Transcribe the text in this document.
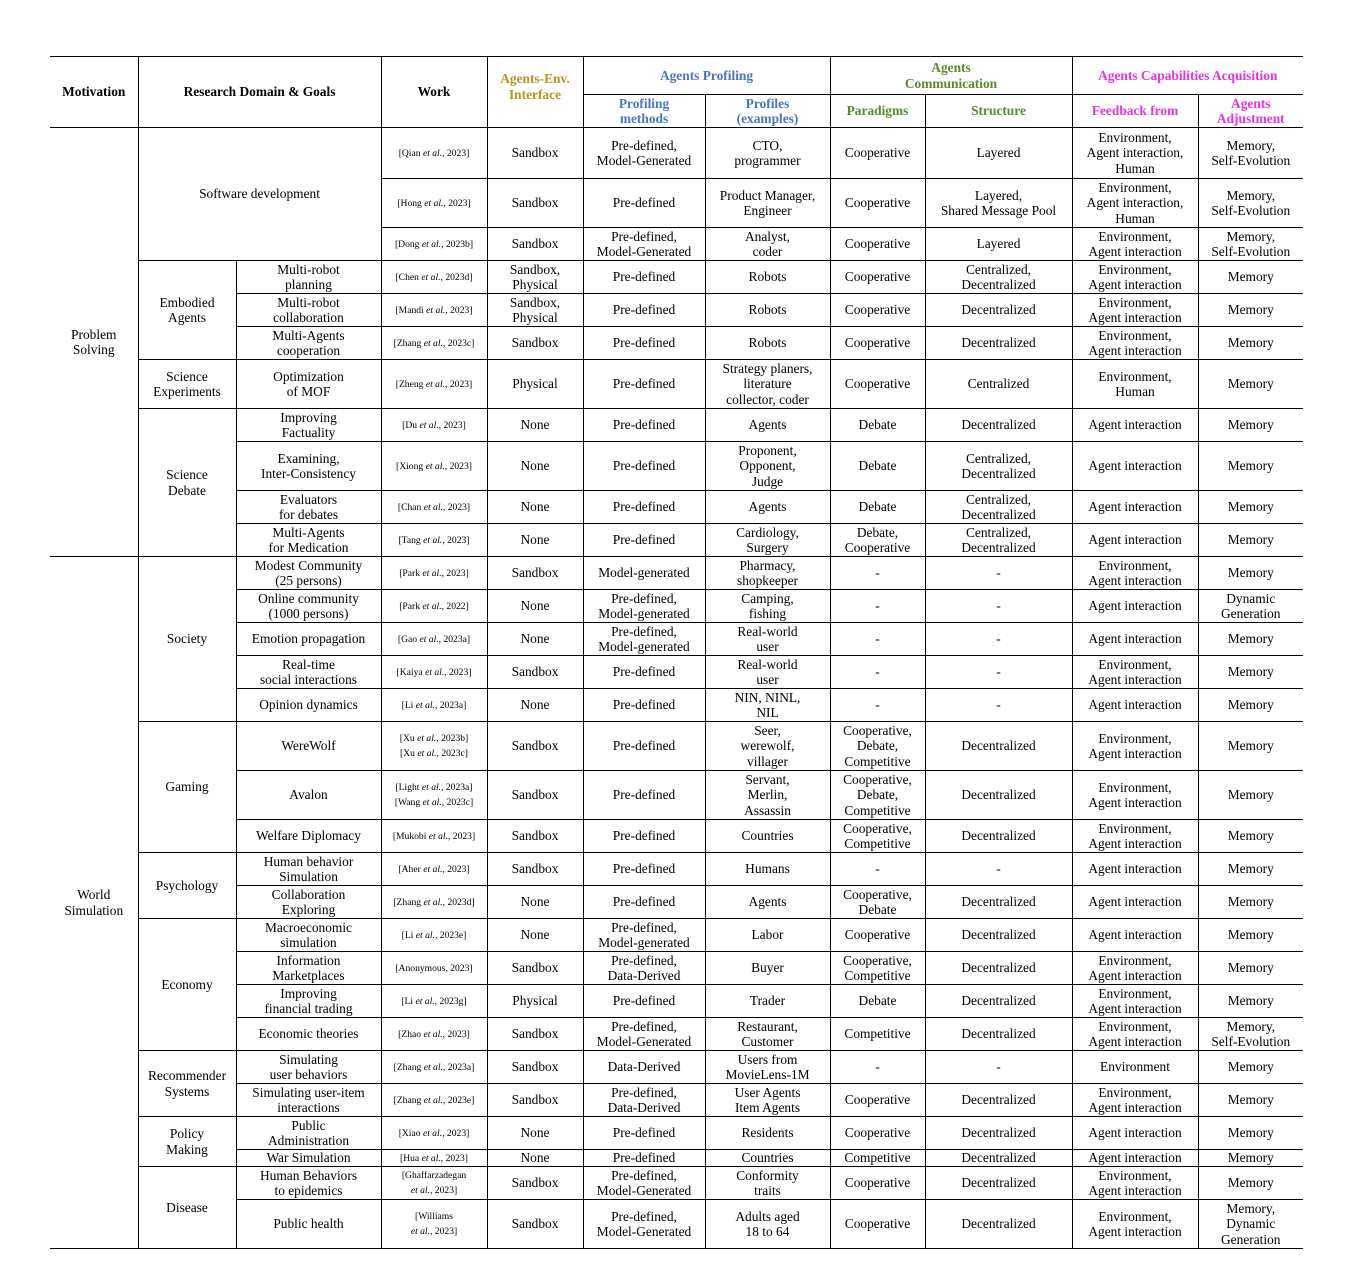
Motivation	Research Domain & Goals		Work	Agents-Env.
Interface	Agents Profiling		Agents
Communication		Agents Capabilities Acquisition	

					Profiling
methods	Profiles
(examples)	Paradigms	Structure	Feedback from	Agents
Adjustment

Problem
Solving	Software development		[Qian et al., 2023]	Sandbox	Pre-defined,
Model-Generated	CTO,
programmer	Cooperative	Layered	Environment,
Agent interaction,
Human	Memory,
Self-Evolution

			[Hong et al., 2023]	Sandbox	Pre-defined	Product Manager,
Engineer	Cooperative	Layered,
Shared Message Pool	Environment,
Agent interaction,
Human	Memory,
Self-Evolution

			[Dong et al., 2023b]	Sandbox	Pre-defined,
Model-Generated	Analyst,
coder	Cooperative	Layered	Environment,
Agent interaction	Memory,
Self-Evolution

	Embodied
Agents	Multi-robot
planning	[Chen et al., 2023d]	Sandbox,
Physical	Pre-defined	Robots	Cooperative	Centralized,
Decentralized	Environment,
Agent interaction	Memory

		Multi-robot
collaboration	[Mandi et al., 2023]	Sandbox,
Physical	Pre-defined	Robots	Cooperative	Decentralized	Environment,
Agent interaction	Memory

		Multi-Agents
cooperation	[Zhang et al., 2023c]	Sandbox	Pre-defined	Robots	Cooperative	Decentralized	Environment,
Agent interaction	Memory

	Science
Experiments	Optimization
of MOF	[Zheng et al., 2023]	Physical	Pre-defined	Strategy planers,
literature
collector, coder	Cooperative	Centralized	Environment,
Human	Memory

	Science
Debate	Improving
Factuality	[Du et al., 2023]	None	Pre-defined	Agents	Debate	Decentralized	Agent interaction	Memory

		Examining,
Inter-Consistency	[Xiong et al., 2023]	None	Pre-defined	Proponent,
Opponent,
Judge	Debate	Centralized,
Decentralized	Agent interaction	Memory

		Evaluators
for debates	[Chan et al., 2023]	None	Pre-defined	Agents	Debate	Centralized,
Decentralized	Agent interaction	Memory

		Multi-Agents
for Medication	[Tang et al., 2023]	None	Pre-defined	Cardiology,
Surgery	Debate,
Cooperative	Centralized,
Decentralized	Agent interaction	Memory

World
Simulation	Society	Modest Community
(25 persons)	[Park et al., 2023]	Sandbox	Model-generated	Pharmacy,
shopkeeper	-	-	Environment,
Agent interaction	Memory

		Online community
(1000 persons)	[Park et al., 2022]	None	Pre-defined,
Model-generated	Camping,
fishing	-	-	Agent interaction	Dynamic
Generation

		Emotion propagation	[Gao et al., 2023a]	None	Pre-defined,
Model-generated	Real-world
user	-	-	Agent interaction	Memory

		Real-time
social interactions	[Kaiya et al., 2023]	Sandbox	Pre-defined	Real-world
user	-	-	Environment,
Agent interaction	Memory

		Opinion dynamics	[Li et al., 2023a]	None	Pre-defined	NIN, NINL,
NIL	-	-	Agent interaction	Memory

	Gaming	WereWolf	[Xu et al., 2023b]
[Xu et al., 2023c]	Sandbox	Pre-defined	Seer,
werewolf,
villager	Cooperative,
Debate,
Competitive	Decentralized	Environment,
Agent interaction	Memory

		Avalon	[Light et al., 2023a]
[Wang et al., 2023c]	Sandbox	Pre-defined	Servant,
Merlin,
Assassin	Cooperative,
Debate,
Competitive	Decentralized	Environment,
Agent interaction	Memory

		Welfare Diplomacy	[Mukobi et al., 2023]	Sandbox	Pre-defined	Countries	Cooperative,
Competitive	Decentralized	Environment,
Agent interaction	Memory

	Psychology	Human behavior
Simulation	[Aher et al., 2023]	Sandbox	Pre-defined	Humans	-	-	Agent interaction	Memory

		Collaboration
Exploring	[Zhang et al., 2023d]	None	Pre-defined	Agents	Cooperative,
Debate	Decentralized	Agent interaction	Memory

	Economy	Macroeconomic
simulation	[Li et al., 2023e]	None	Pre-defined,
Model-generated	Labor	Cooperative	Decentralized	Agent interaction	Memory

		Information
Marketplaces	[Anonymous, 2023]	Sandbox	Pre-defined,
Data-Derived	Buyer	Cooperative,
Competitive	Decentralized	Environment,
Agent interaction	Memory

		Improving
financial trading	[Li et al., 2023g]	Physical	Pre-defined	Trader	Debate	Decentralized	Environment,
Agent interaction	Memory

		Economic theories	[Zhao et al., 2023]	Sandbox	Pre-defined,
Model-Generated	Restaurant,
Customer	Competitive	Decentralized	Environment,
Agent interaction	Memory,
Self-Evolution

	Recommender
Systems	Simulating
user behaviors	[Zhang et al., 2023a]	Sandbox	Data-Derived	Users from
MovieLens-1M	-	-	Environment	Memory

		Simulating user-item
interactions	[Zhang et al., 2023e]	Sandbox	Pre-defined,
Data-Derived	User Agents
Item Agents	Cooperative	Decentralized	Environment,
Agent interaction	Memory

	Policy
Making	Public
Administration	[Xiao et al., 2023]	None	Pre-defined	Residents	Cooperative	Decentralized	Agent interaction	Memory

		War Simulation	[Hua et al., 2023]	None	Pre-defined	Countries	Competitive	Decentralized	Agent interaction	Memory

	Disease	Human Behaviors
to epidemics	[Ghaffarzadegan
et al., 2023]	Sandbox	Pre-defined,
Model-Generated	Conformity
traits	Cooperative	Decentralized	Environment,
Agent interaction	Memory

		Public health	[Williams
et al., 2023]	Sandbox	Pre-defined,
Model-Generated	Adults aged
18 to 64	Cooperative	Decentralized	Environment,
Agent interaction	Memory,
Dynamic
Generation
